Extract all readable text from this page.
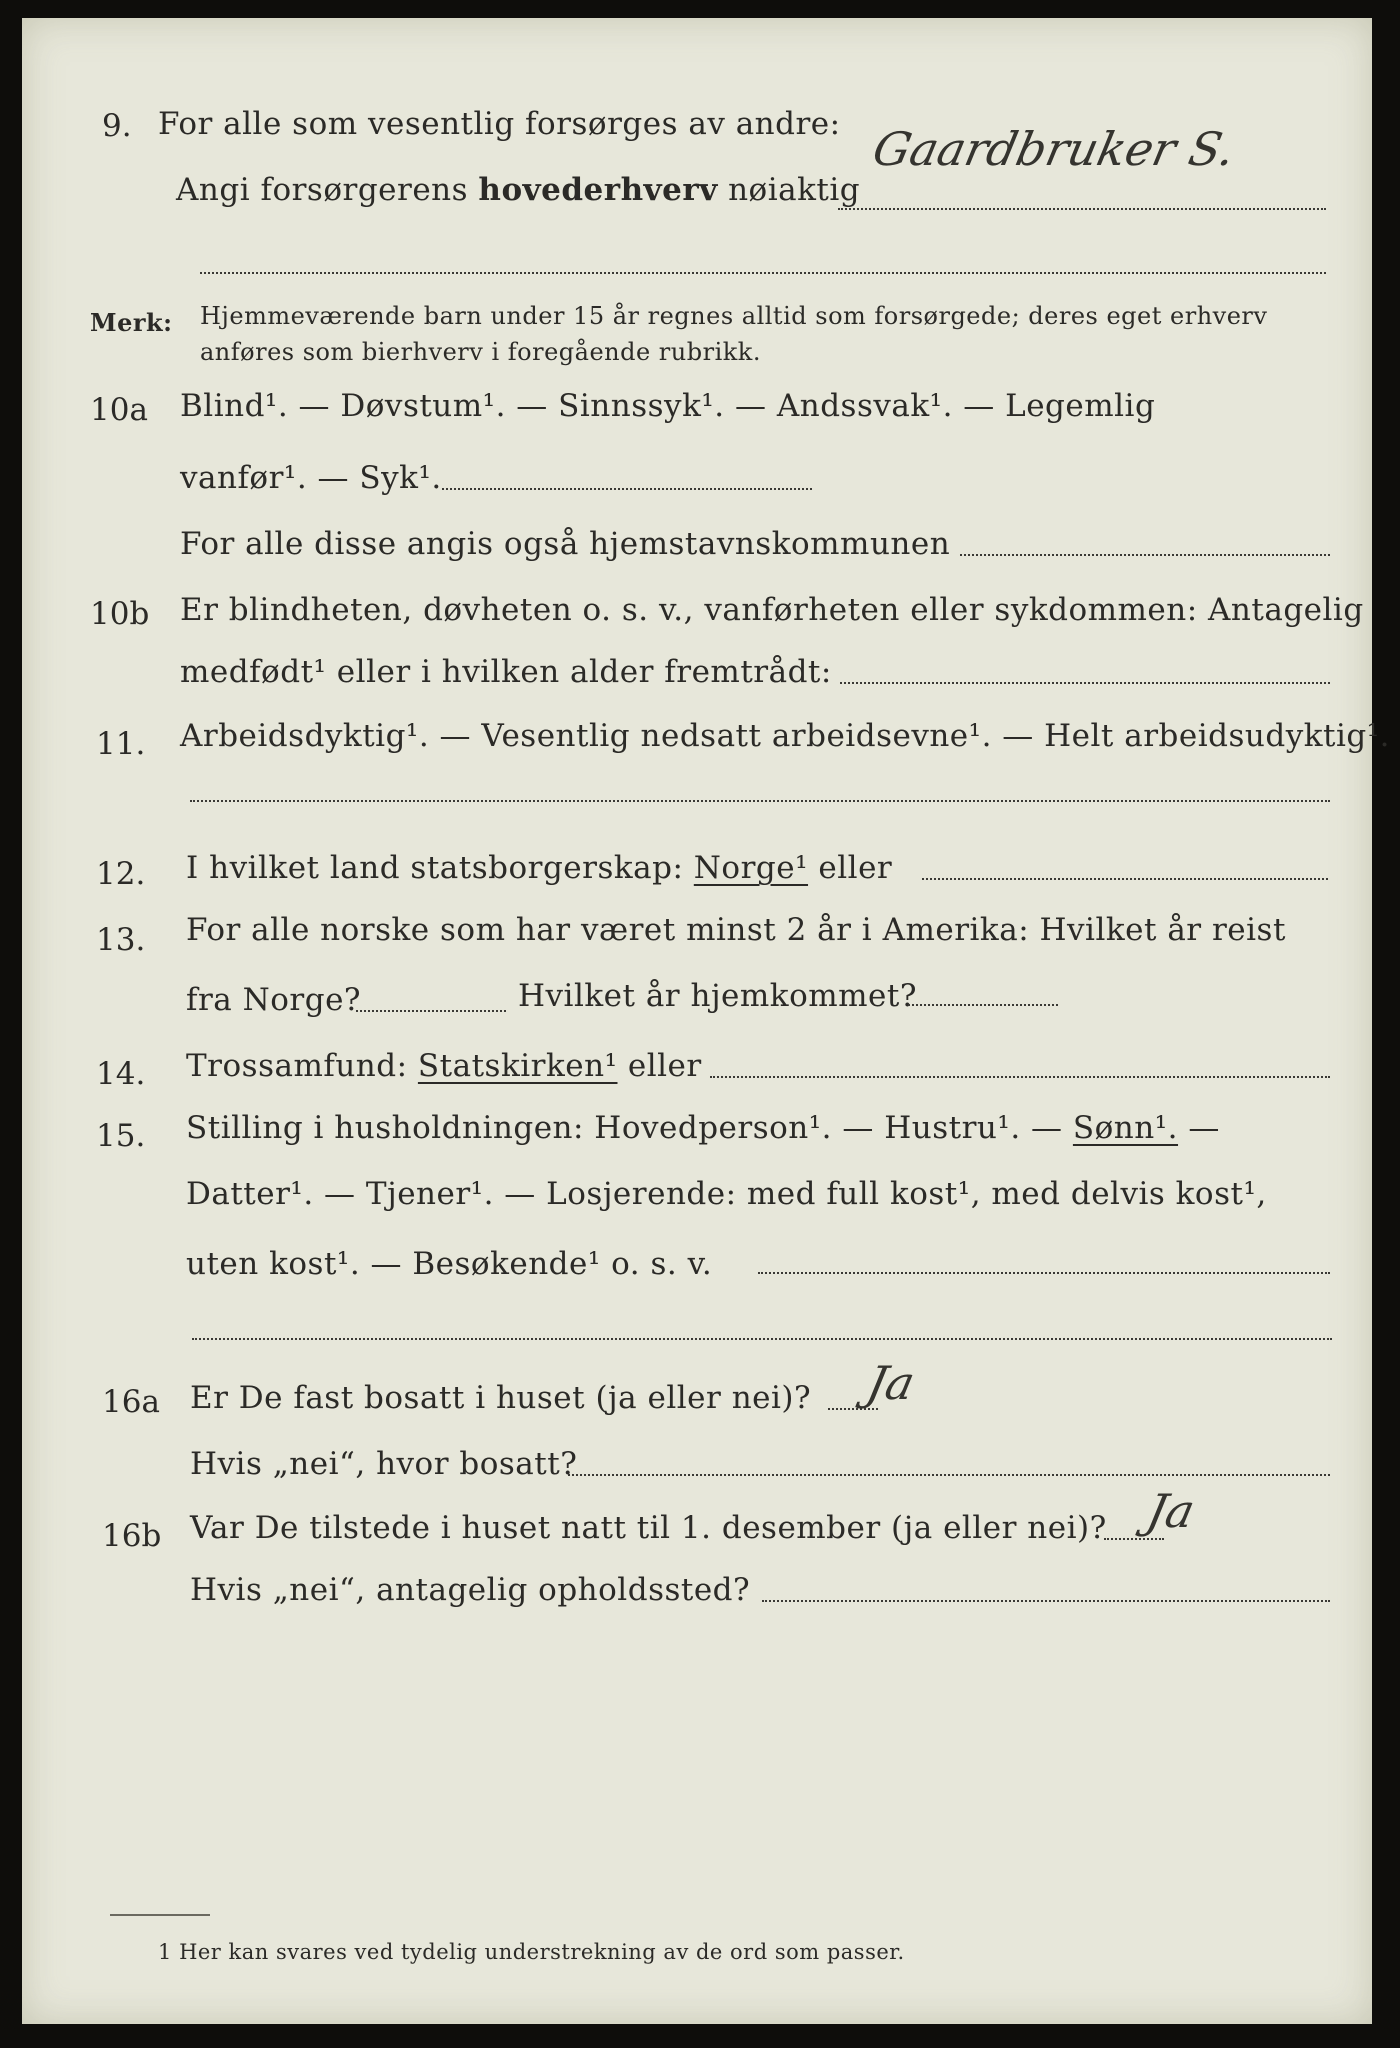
9. For alle som vesentlig forsørges av andre: Gaardbruker S.
Angi forsørgerens hovederhverv nøiaktig
Merk: Hjemmeværende barn under 15 år regnes alltid som forsørgede; deres eget erhverv
anføres som bierhverv i foregående rubrikk.
10a Blind¹. — Døvstum¹. — Sinnssyk¹. — Andssvak¹. — Legemlig
vanfør¹. — Syk¹.
For alle disse angis også hjemstavnskommunen
10b Er blindheten, døvheten o. s. v., vanførheten eller sykdommen: Antagelig
medfødt¹ eller i hvilken alder fremtrådt:
11. Arbeidsdyktig¹. — Vesentlig nedsatt arbeidsevne¹. — Helt arbeidsudyktig¹.
12. I hvilket land statsborgerskap: Norge¹ eller
13. For alle norske som har været minst 2 år i Amerika: Hvilket år reist
fra Norge?	Hvilket år hjemkommet?
14. Trossamfund: Statskirken¹ eller
15. Stilling i husholdningen: Hovedperson¹. — Hustru¹. — Sønn¹. —
Datter¹. — Tjener¹. — Losjerende: med full kost¹, med delvis kost¹,
uten kost¹. — Besøkende¹ o. s. v.
16a Er De fast bosatt i huset (ja eller nei)? Ja
Hvis „nei“, hvor bosatt?
16b Var De tilstede i huset natt til 1. desember (ja eller nei)? Ja
Hvis „nei“, antagelig opholdssted?
1 Her kan svares ved tydelig understrekning av de ord som passer.
